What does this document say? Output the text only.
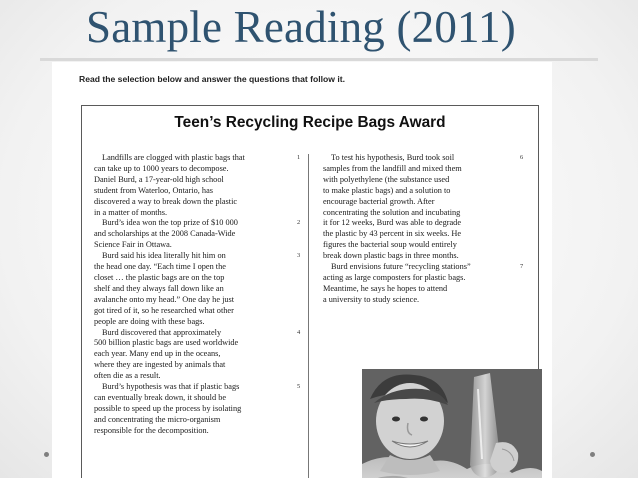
Sample Reading (2011)
Read the selection below and answer the questions that follow it.
Teen’s Recycling Recipe Bags Award

1
Landfills are clogged with plastic bags that
can take up to 1000 years to decompose.
Daniel Burd, a 17-year-old high school
student from Waterloo, Ontario, has
discovered a way to break down the plastic
in a matter of months.

2
Burd’s idea won the top prize of $10 000
and scholarships at the 2008 Canada-Wide
Science Fair in Ottawa.

3
Burd said his idea literally hit him on
the head one day. “Each time I open the
closet … the plastic bags are on the top
shelf and they always fall down like an
avalanche onto my head.” One day he just
got tired of it, so he researched what other
people are doing with these bags.

4
Burd discovered that approximately
500 billion plastic bags are used worldwide
each year. Many end up in the oceans,
where they are ingested by animals that
often die as a result.

5
Burd’s hypothesis was that if plastic bags
can eventually break down, it should be
possible to speed up the process by isolating
and concentrating the micro-organism
responsible for the decomposition.

6
To test his hypothesis, Burd took soil
samples from the landfill and mixed them
with polyethylene (the substance used
to make plastic bags) and a solution to
encourage bacterial growth. After
concentrating the solution and incubating
it for 12 weeks, Burd was able to degrade
the plastic by 43 percent in six weeks. He
figures the bacterial soup would entirely
break down plastic bags in three months.

7
Burd envisions future “recycling stations”
acting as large composters for plastic bags.
Meantime, he says he hopes to attend
a university to study science.
